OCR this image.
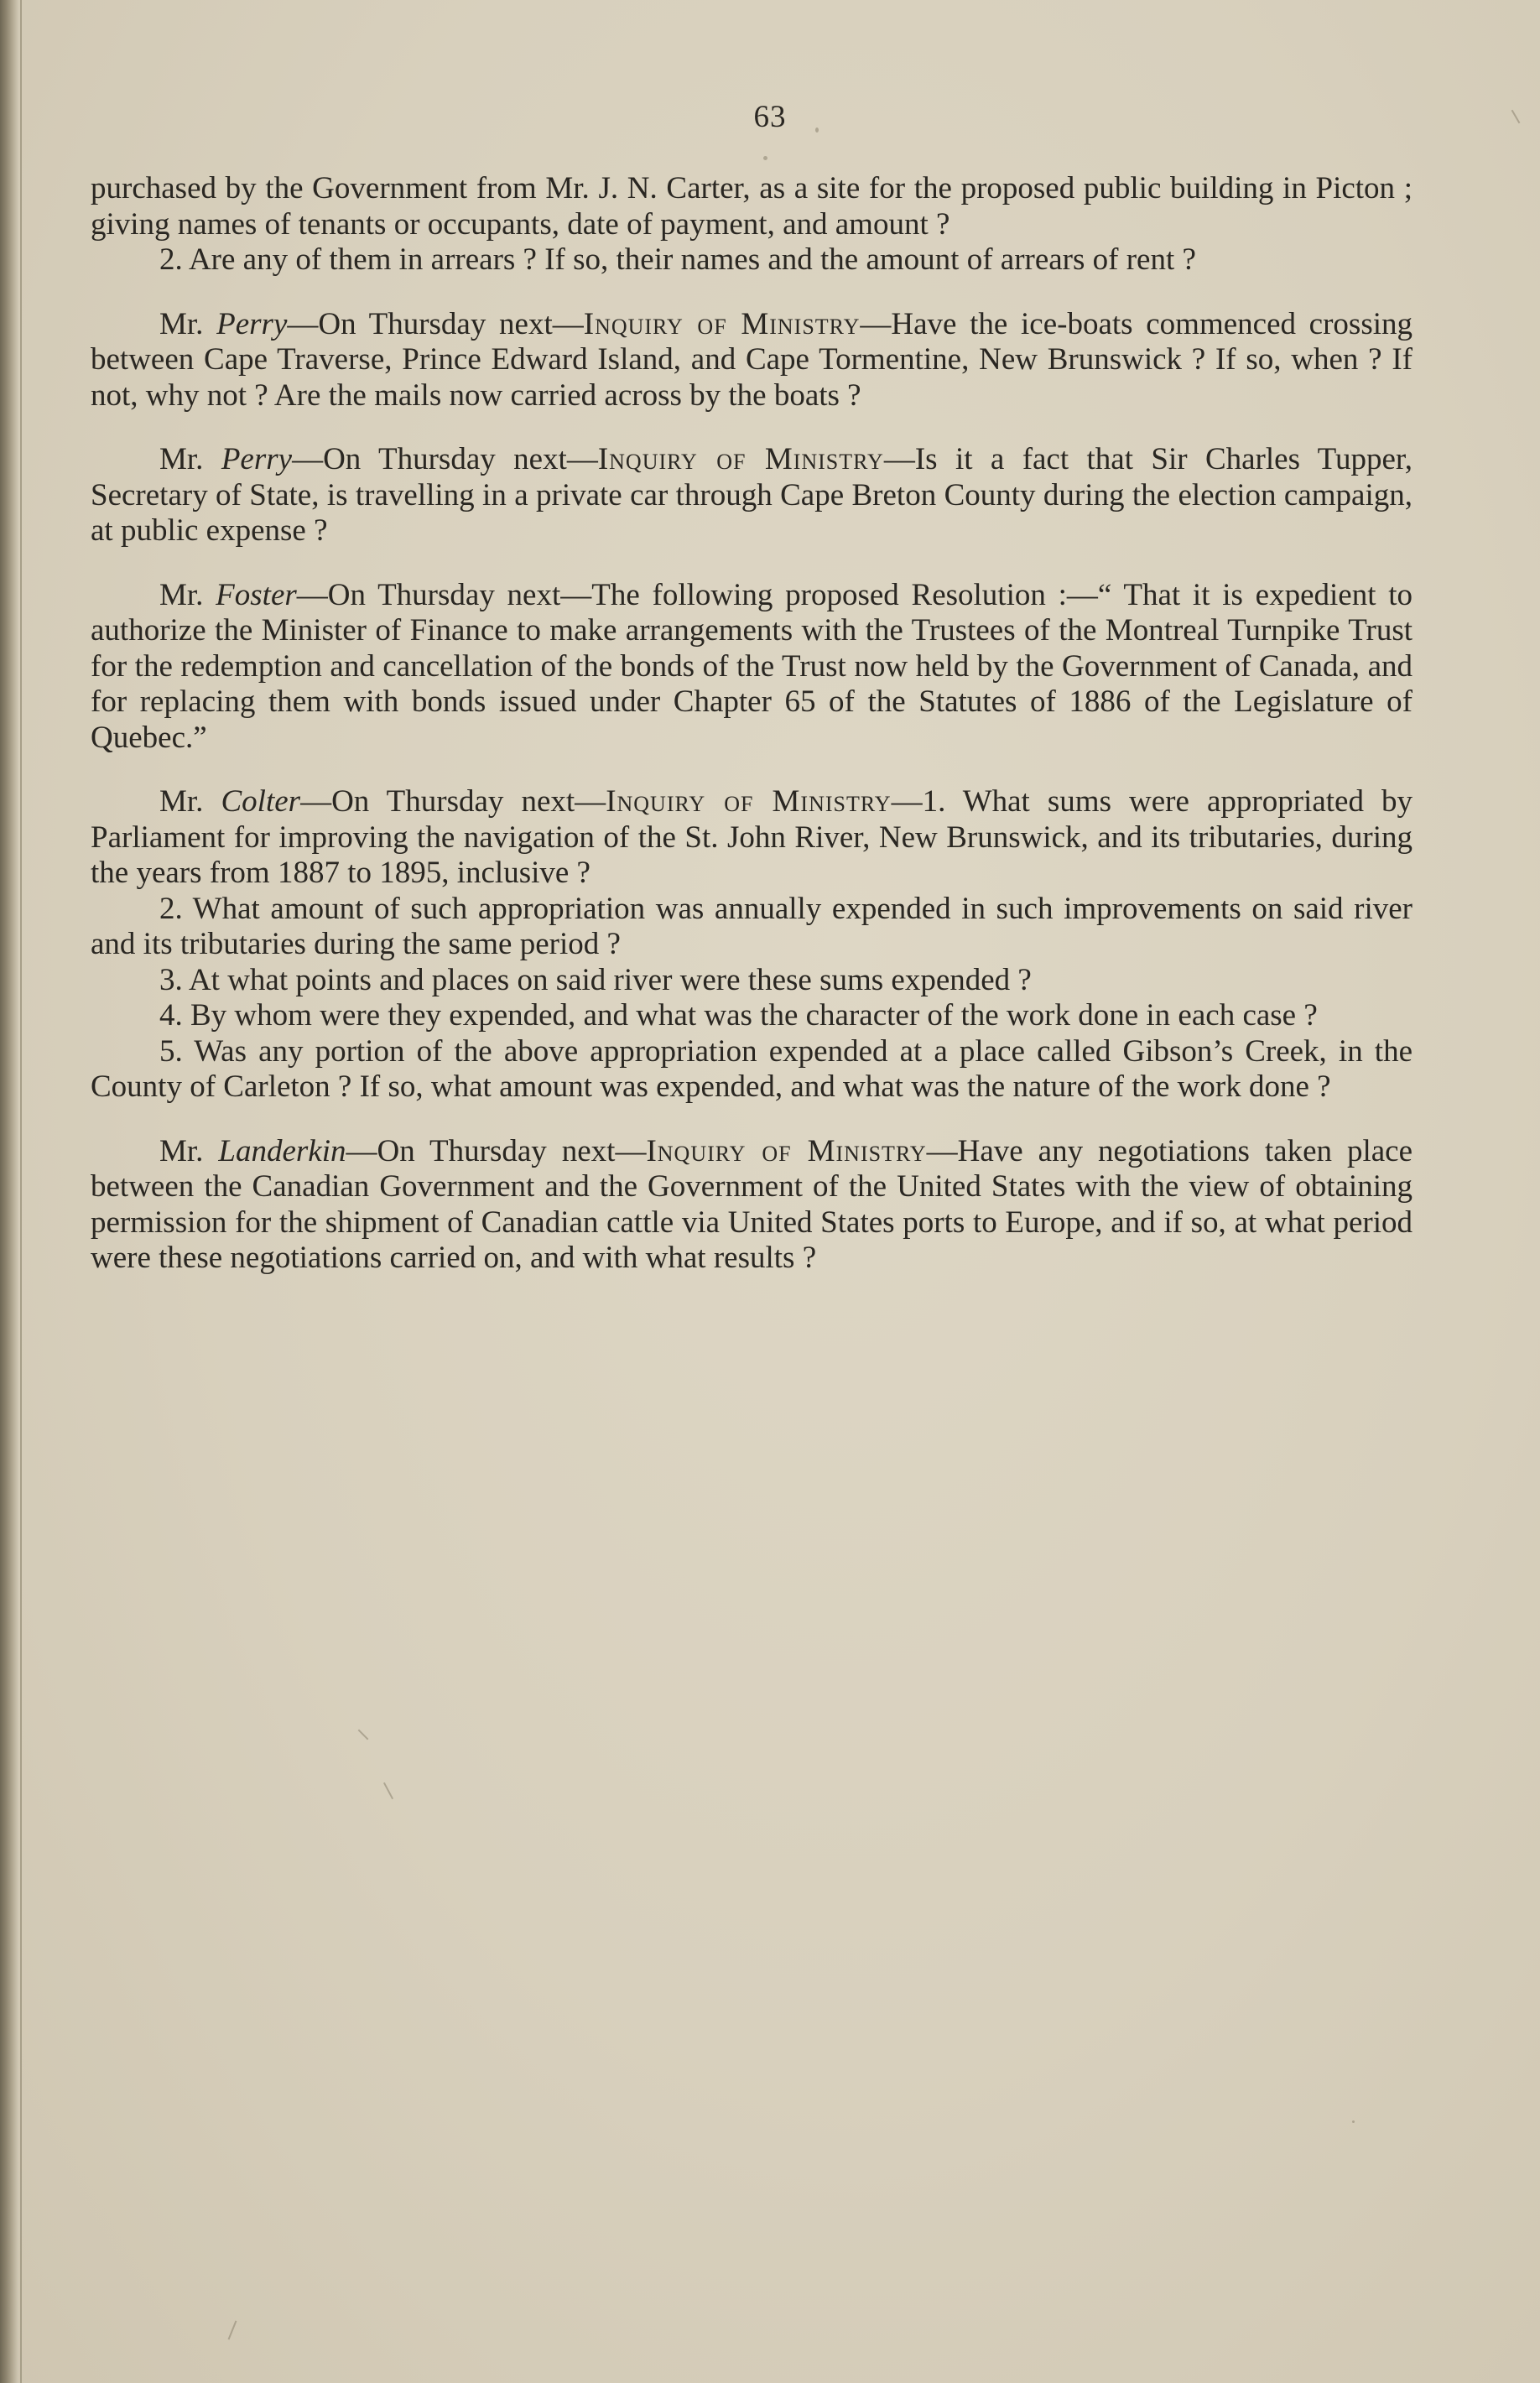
63

purchased by the Government from Mr. J. N. Carter, as a site for the proposed public building in Picton ; giving names of tenants or occupants, date of payment, and amount ?

2. Are any of them in arrears ? If so, their names and the amount of arrears of rent ?

Mr. Perry—On Thursday next—Inquiry of Ministry—Have the ice-boats commenced crossing between Cape Traverse, Prince Edward Island, and Cape Tormentine, New Brunswick ? If so, when ? If not, why not ? Are the mails now carried across by the boats ?

Mr. Perry—On Thursday next—Inquiry of Ministry—Is it a fact that Sir Charles Tupper, Secretary of State, is travelling in a private car through Cape Breton County during the election campaign, at public expense ?

Mr. Foster—On Thursday next—The following proposed Resolution :—“ That it is expedient to authorize the Minister of Finance to make arrangements with the Trustees of the Montreal Turnpike Trust for the redemption and cancellation of the bonds of the Trust now held by the Government of Canada, and for replacing them with bonds issued under Chapter 65 of the Statutes of 1886 of the Legislature of Quebec.”

Mr. Colter—On Thursday next—Inquiry of Ministry—1. What sums were appropriated by Parliament for improving the navigation of the St. John River, New Brunswick, and its tributaries, during the years from 1887 to 1895, inclusive ?

2. What amount of such appropriation was annually expended in such improvements on said river and its tributaries during the same period ?

3. At what points and places on said river were these sums expended ?

4. By whom were they expended, and what was the character of the work done in each case ?

5. Was any portion of the above appropriation expended at a place called Gibson’s Creek, in the County of Carleton ? If so, what amount was expended, and what was the nature of the work done ?

Mr. Landerkin—On Thursday next—Inquiry of Ministry—Have any negotiations taken place between the Canadian Government and the Government of the United States with the view of obtaining permission for the shipment of Canadian cattle via United States ports to Europe, and if so, at what period were these negotiations carried on, and with what results ?
